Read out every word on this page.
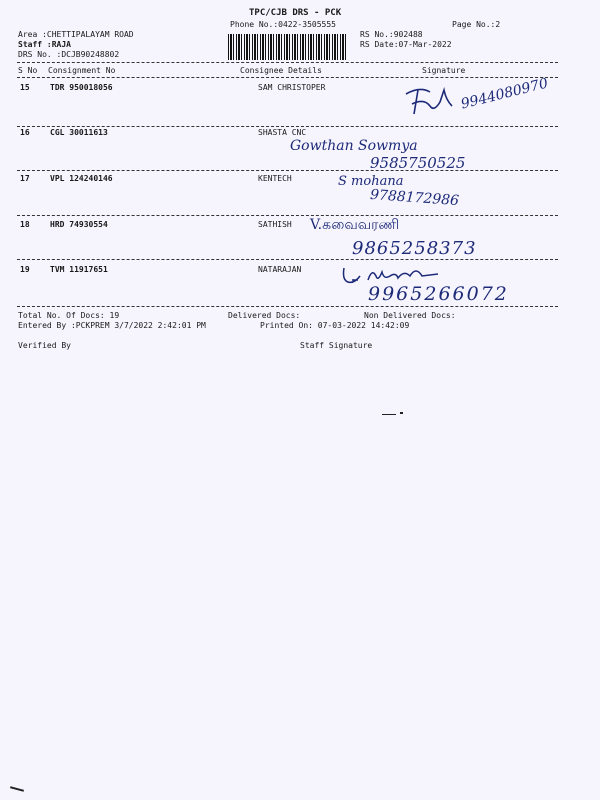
TPC/CJB DRS - PCK
Phone No.:0422-3505555	Page No.:2
Area :CHETTIPALAYAM ROAD
Staff :RAJA
DRS No. :DCJB90248802
RS No.:902488
RS Date:07-Mar-2022
S No Consignment No	Consignee Details	Signature
15	TDR 950018056	SAM CHRISTOPER	9944080970
16	CGL 30011613	SHASTA CNC
Gowthan Sowmya
9585750525
17	VPL 124240146	KENTECH	S mohana
9788172986
18	HRD 74930554	SATHISH V.கவைவரணி
9865258373
19	TVM 11917651	NATARAJAN
9965266072
Total No. Of Docs: 19	Delivered Docs:	Non Delivered Docs:
Entered By :PCKPREM 3/7/2022 2:42:01 PM	Printed On: 07-03-2022 14:42:09
Verified By	Staff Signature
